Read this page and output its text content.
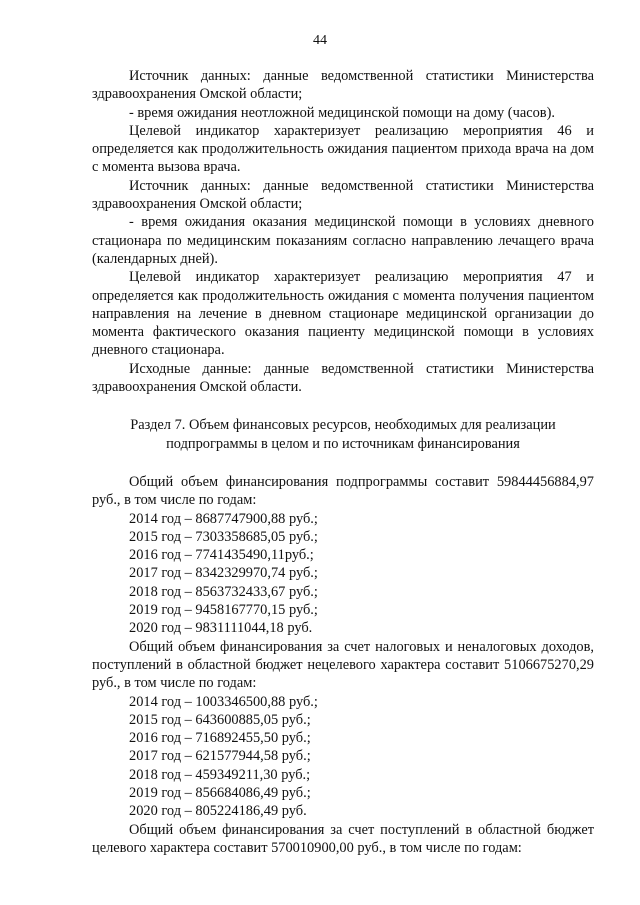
44

Источник данных: данные ведомственной статистики Министерства здравоохранения Омской области;

- время ожидания неотложной медицинской помощи на дому (часов).

Целевой индикатор характеризует реализацию мероприятия 46 и определяется как продолжительность ожидания пациентом прихода врача на дом с момента вызова врача.

Источник данных: данные ведомственной статистики Министерства здравоохранения Омской области;

- время ожидания оказания медицинской помощи в условиях дневного стационара по медицинским показаниям согласно направлению лечащего врача (календарных дней).

Целевой индикатор характеризует реализацию мероприятия 47 и определяется как продолжительность ожидания с момента получения пациентом направления на лечение в дневном стационаре медицинской организации до момента фактического оказания пациенту медицинской помощи в условиях дневного стационара.

Исходные данные: данные ведомственной статистики Министерства здравоохранения Омской области.

Раздел 7. Объем финансовых ресурсов, необходимых для реализации
подпрограммы в целом и по источникам финансирования

Общий объем финансирования подпрограммы составит 59844456884,97 руб., в том числе по годам:

2014 год – 8687747900,88 руб.;

2015 год – 7303358685,05 руб.;

2016 год – 7741435490,11руб.;

2017 год – 8342329970,74 руб.;

2018 год – 8563732433,67 руб.;

2019 год – 9458167770,15 руб.;

2020 год – 9831111044,18 руб.

Общий объем финансирования за счет налоговых и неналоговых доходов, поступлений в областной бюджет нецелевого характера составит 5106675270,29 руб., в том числе по годам:

2014 год – 1003346500,88 руб.;

2015 год – 643600885,05 руб.;

2016 год – 716892455,50 руб.;

2017 год – 621577944,58 руб.;

2018 год – 459349211,30 руб.;

2019 год – 856684086,49 руб.;

2020 год – 805224186,49 руб.

Общий объем финансирования за счет поступлений в областной бюджет целевого характера составит 570010900,00 руб., в том числе по годам:
